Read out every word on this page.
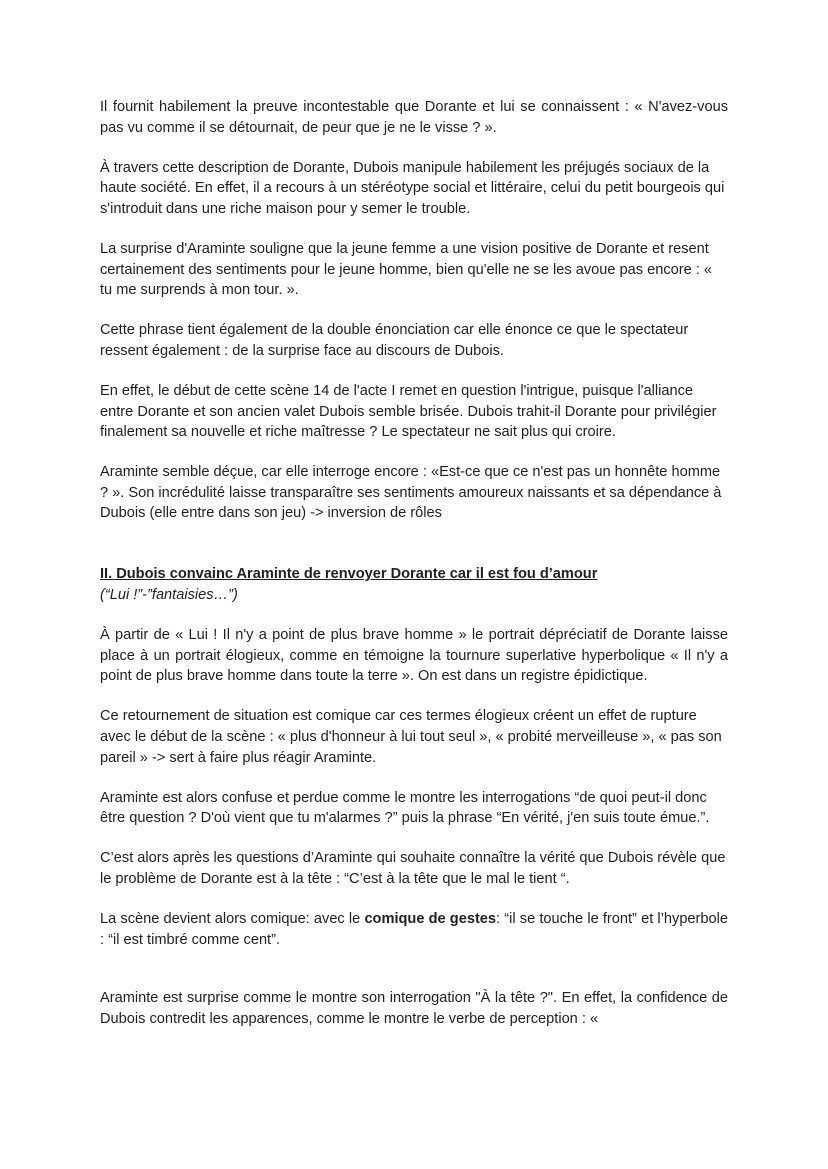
Il fournit habilement la preuve incontestable que Dorante et lui se connaissent : « N'avez-vous pas vu comme il se détournait, de peur que je ne le visse ? ».

À travers cette description de Dorante, Dubois manipule habilement les préjugés sociaux de la haute société. En effet, il a recours à un stéréotype social et littéraire, celui du petit bourgeois qui s'introduit dans une riche maison pour y semer le trouble.

La surprise d'Araminte souligne que la jeune femme a une vision positive de Dorante et resent certainement des sentiments pour le jeune homme, bien qu'elle ne se les avoue pas encore : « tu me surprends à mon tour. ».

Cette phrase tient également de la double énonciation car elle énonce ce que le spectateur ressent également : de la surprise face au discours de Dubois.

En effet, le début de cette scène 14 de l'acte I remet en question l'intrigue, puisque l'alliance entre Dorante et son ancien valet Dubois semble brisée. Dubois trahit-il Dorante pour privilégier finalement sa nouvelle et riche maîtresse ? Le spectateur ne sait plus qui croire.

Araminte semble déçue, car elle interroge encore : «Est-ce que ce n'est pas un honnête homme ? ». Son incrédulité laisse transparaître ses sentiments amoureux naissants et sa dépendance à Dubois (elle entre dans son jeu) -> inversion de rôles

II. Dubois convainc Araminte de renvoyer Dorante car il est fou d’amour

(“Lui !”-”fantaisies…”)

À partir de « Lui ! Il n'y a point de plus brave homme » le portrait dépréciatif de Dorante laisse place à un portrait élogieux, comme en témoigne la tournure superlative hyperbolique « Il n'y a point de plus brave homme dans toute la terre ». On est dans un registre épidictique.

Ce retournement de situation est comique car ces termes élogieux créent un effet de rupture avec le début de la scène : « plus d'honneur à lui tout seul », « probité merveilleuse », « pas son pareil » -> sert à faire plus réagir Araminte.

Araminte est alors confuse et perdue comme le montre les interrogations “de quoi peut-il donc être question ? D'où vient que tu m'alarmes ?” puis la phrase “En vérité, j'en suis toute émue.”.

C’est alors après les questions d’Araminte qui souhaite connaître la vérité que Dubois révèle que le problème de Dorante est à la tête : “C’est à la tête que le mal le tient “.

La scène devient alors comique: avec le comique de gestes: “il se touche le front” et l’hyperbole : “il est timbré comme cent”.

Araminte est surprise comme le montre son interrogation "À la tête ?". En effet, la confidence de Dubois contredit les apparences, comme le montre le verbe de perception : «
